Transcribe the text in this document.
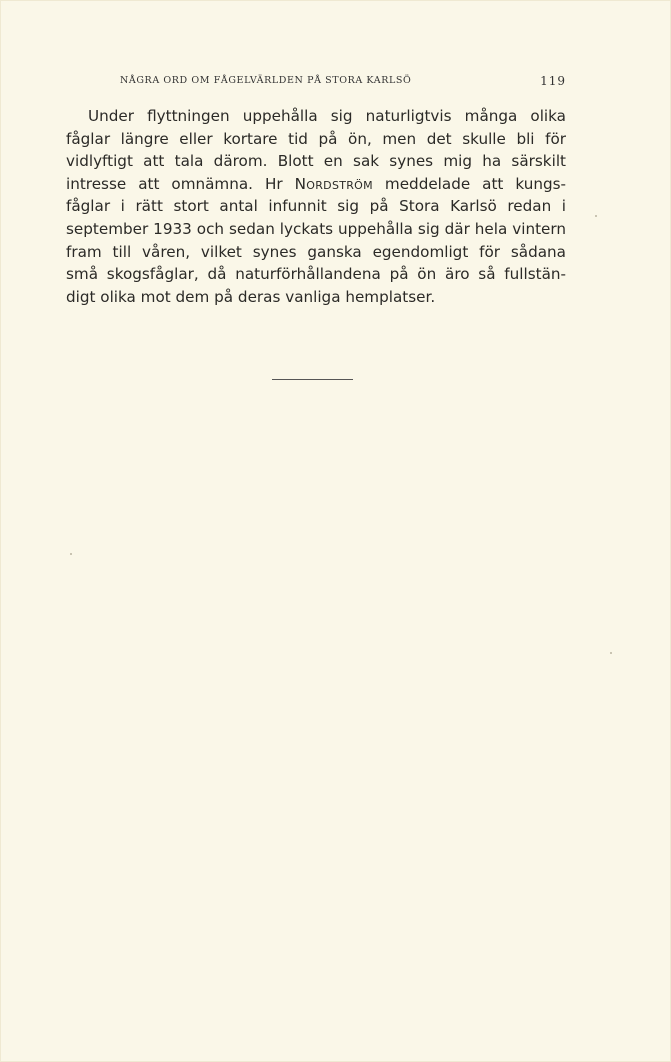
NÅGRA ORD OM FÅGELVÄRLDEN PÅ STORA KARLSÖ	119
Under flyttningen uppehålla sig naturligtvis många olika
fåglar längre eller kortare tid på ön, men det skulle bli för
vidlyftigt att tala därom. Blott en sak synes mig ha särskilt
intresse att omnämna. Hr Nordström meddelade att kungs-
fåglar i rätt stort antal infunnit sig på Stora Karlsö redan i
september 1933 och sedan lyckats uppehålla sig där hela vintern
fram till våren, vilket synes ganska egendomligt för sådana
små skogsfåglar, då naturförhållandena på ön äro så fullstän-
digt olika mot dem på deras vanliga hemplatser.
